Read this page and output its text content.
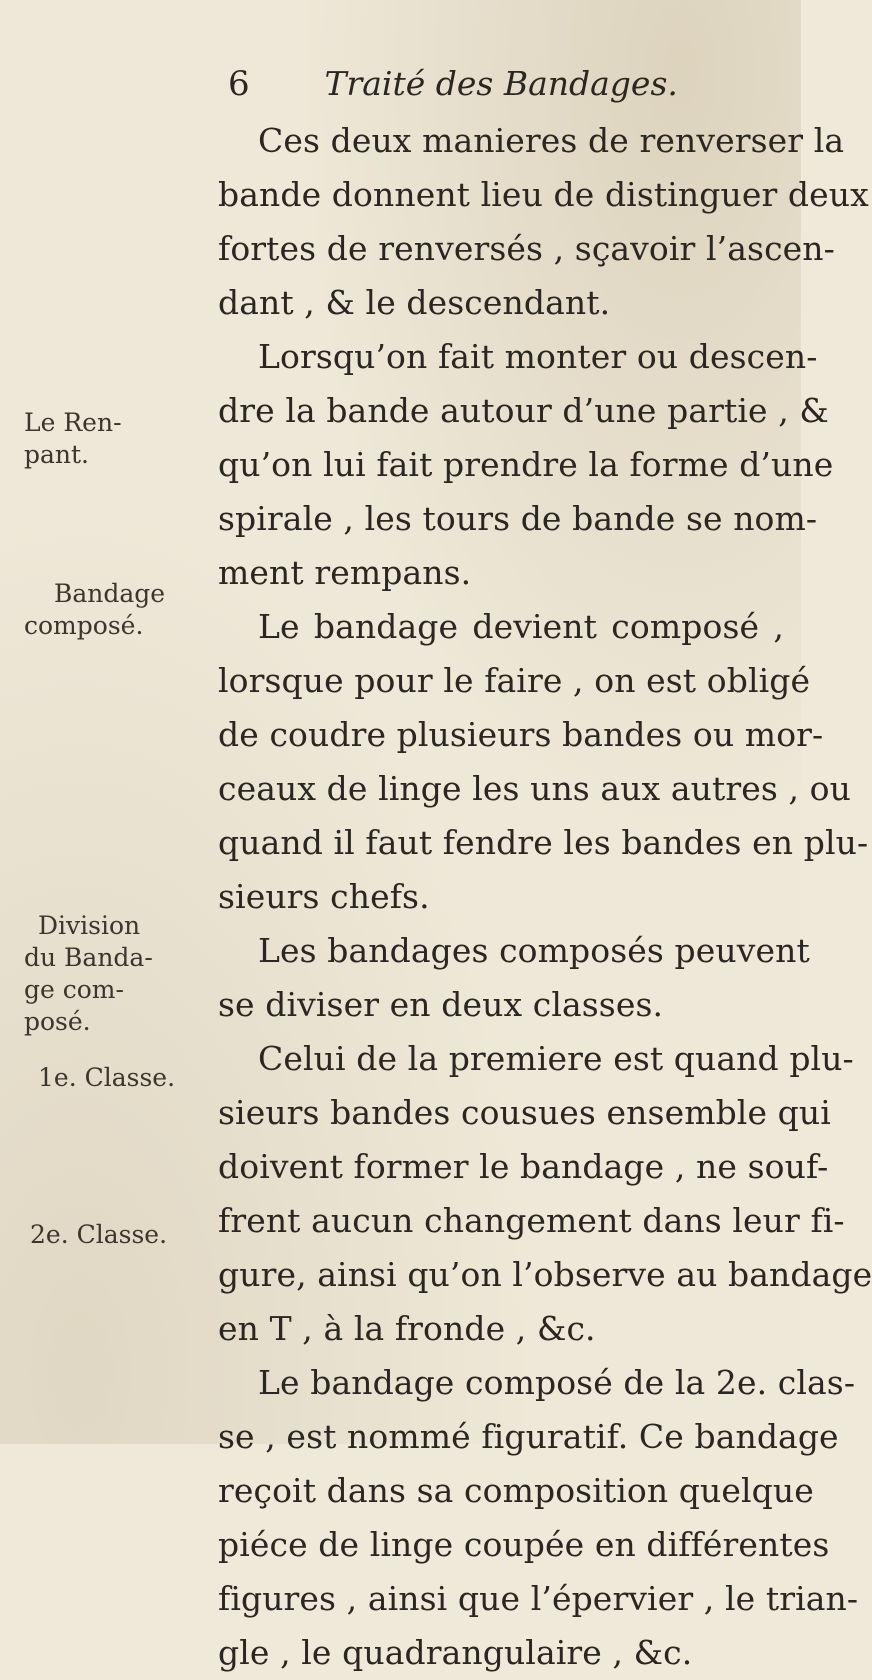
6 Traité des Bandages.
Le Ren-
pant.
Bandage
composé.
Division
du Banda-
ge com-
posé.
1e. Classe.
2e. Classe.
Ces deux manieres de renverser la
bande donnent lieu de distinguer deux
fortes de renversés , sçavoir l’ascen-
dant , & le descendant.
Lorsqu’on fait monter ou descen-
dre la bande autour d’une partie , &
qu’on lui fait prendre la forme d’une
spirale , les tours de bande se nom-
ment rempans.
Le bandage devient composé ,
lorsque pour le faire , on est obligé
de coudre plusieurs bandes ou mor-
ceaux de linge les uns aux autres , ou
quand il faut fendre les bandes en plu-
sieurs chefs.
Les bandages composés peuvent
se diviser en deux classes.
Celui de la premiere est quand plu-
sieurs bandes cousues ensemble qui
doivent former le bandage , ne souf-
frent aucun changement dans leur fi-
gure, ainsi qu’on l’observe au bandage
en T , à la fronde , &c.
Le bandage composé de la 2e. clas-
se , est nommé figuratif. Ce bandage
reçoit dans sa composition quelque
piéce de linge coupée en différentes
figures , ainsi que l’épervier , le trian-
gle , le quadrangulaire , &c.
